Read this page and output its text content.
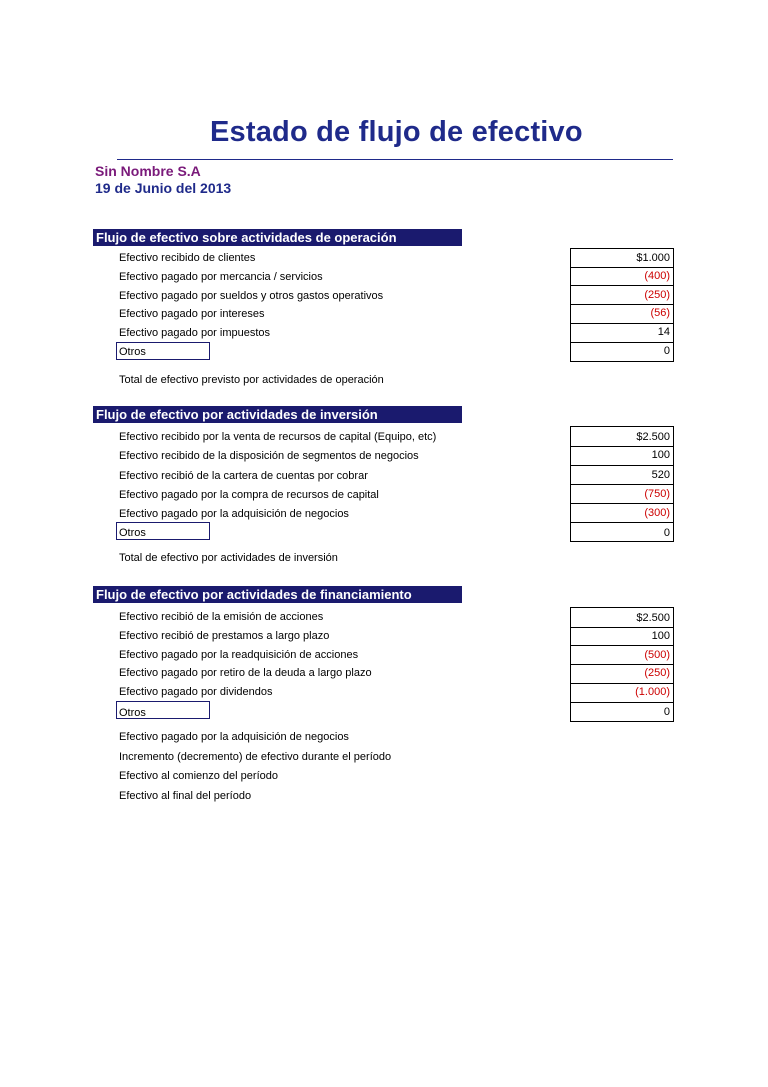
Estado de flujo de efectivo
Sin Nombre S.A
19 de Junio del 2013
Flujo de efectivo sobre actividades de operación
Efectivo recibido de clientes
Efectivo pagado por mercancia / servicios
Efectivo pagado por sueldos y otros gastos operativos
Efectivo pagado por intereses
Efectivo pagado por impuestos
Otros
$1.000
(400)
(250)
(56)
14
0
Total de efectivo previsto por actividades de operación
Flujo de efectivo por actividades de inversión
Efectivo recibido por la venta de recursos de capital (Equipo, etc)
Efectivo recibido de la disposición de segmentos de negocios
Efectivo recibió de la cartera de cuentas por cobrar
Efectivo pagado por la compra de recursos de capital
Efectivo pagado por la adquisición de negocios
Otros
$2.500
100
520
(750)
(300)
0
Total de efectivo por actividades de inversión
Flujo de efectivo por actividades de financiamiento
Efectivo recibió de la emisión de acciones
Efectivo recibió de prestamos a largo plazo
Efectivo pagado por la readquisición de acciones
Efectivo pagado por retiro de la deuda a largo plazo
Efectivo pagado por dividendos
Otros
$2.500
100
(500)
(250)
(1.000)
0
Efectivo pagado por la adquisición de negocios
Incremento (decremento) de efectivo durante el período
Efectivo al comienzo del período
Efectivo al final del período
